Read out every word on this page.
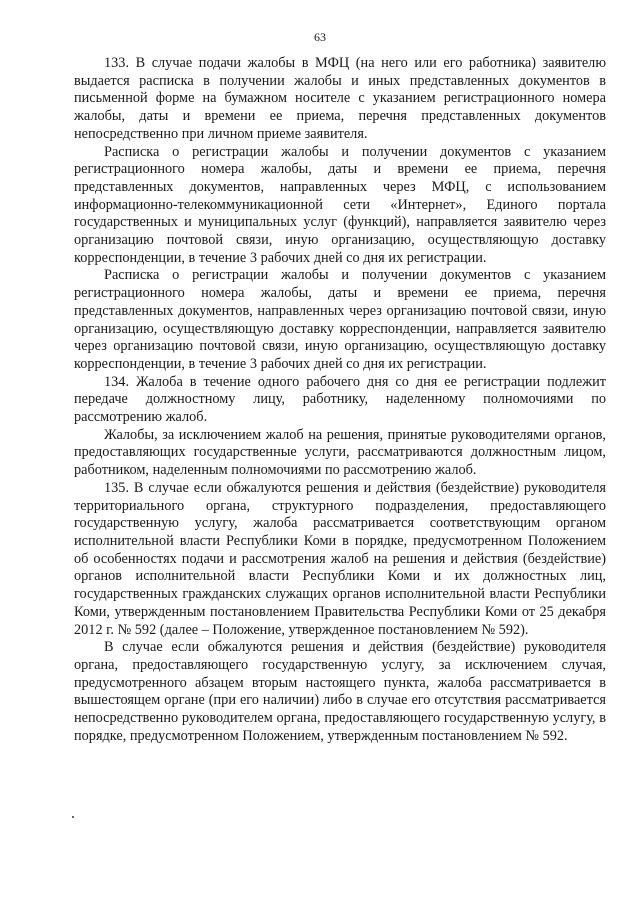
63

133. В случае подачи жалобы в МФЦ (на него или его работника) заявителю выдается расписка в получении жалобы и иных представленных документов в письменной форме на бумажном носителе с указанием регистрационного номера жалобы, даты и времени ее приема, перечня представленных документов непосредственно при личном приеме заявителя.

Расписка о регистрации жалобы и получении документов с указанием регистрационного номера жалобы, даты и времени ее приема, перечня представленных документов, направленных через МФЦ, с использованием информационно-телекоммуникационной сети «Интернет», Единого портала государственных и муниципальных услуг (функций), направляется заявителю через организацию почтовой связи, иную организацию, осуществляющую доставку корреспонденции, в течение 3 рабочих дней со дня их регистрации.

Расписка о регистрации жалобы и получении документов с указанием регистрационного номера жалобы, даты и времени ее приема, перечня представленных документов, направленных через организацию почтовой связи, иную организацию, осуществляющую доставку корреспонденции, направляется заявителю через организацию почтовой связи, иную организацию, осуществляющую доставку корреспонденции, в течение 3 рабочих дней со дня их регистрации.

134. Жалоба в течение одного рабочего дня со дня ее регистрации подлежит передаче должностному лицу, работнику, наделенному полномочиями по рассмотрению жалоб.

Жалобы, за исключением жалоб на решения, принятые руководителями органов, предоставляющих государственные услуги, рассматриваются должностным лицом, работником, наделенным полномочиями по рассмотрению жалоб.

135. В случае если обжалуются решения и действия (бездействие) руководителя территориального органа, структурного подразделения, предоставляющего государственную услугу, жалоба рассматривается соответствующим органом исполнительной власти Республики Коми в порядке, предусмотренном Положением об особенностях подачи и рассмотрения жалоб на решения и действия (бездействие) органов исполнительной власти Республики Коми и их должностных лиц, государственных гражданских служащих органов исполнительной власти Республики Коми, утвержденным постановлением Правительства Республики Коми от 25 декабря 2012 г. № 592 (далее – Положение, утвержденное постановлением № 592).

В случае если обжалуются решения и действия (бездействие) руководителя органа, предоставляющего государственную услугу, за исключением случая, предусмотренного абзацем вторым настоящего пункта, жалоба рассматривается в вышестоящем органе (при его наличии) либо в случае его отсутствия рассматривается непосредственно руководителем органа, предоставляющего государственную услугу, в порядке, предусмотренном Положением, утвержденным постановлением № 592.
